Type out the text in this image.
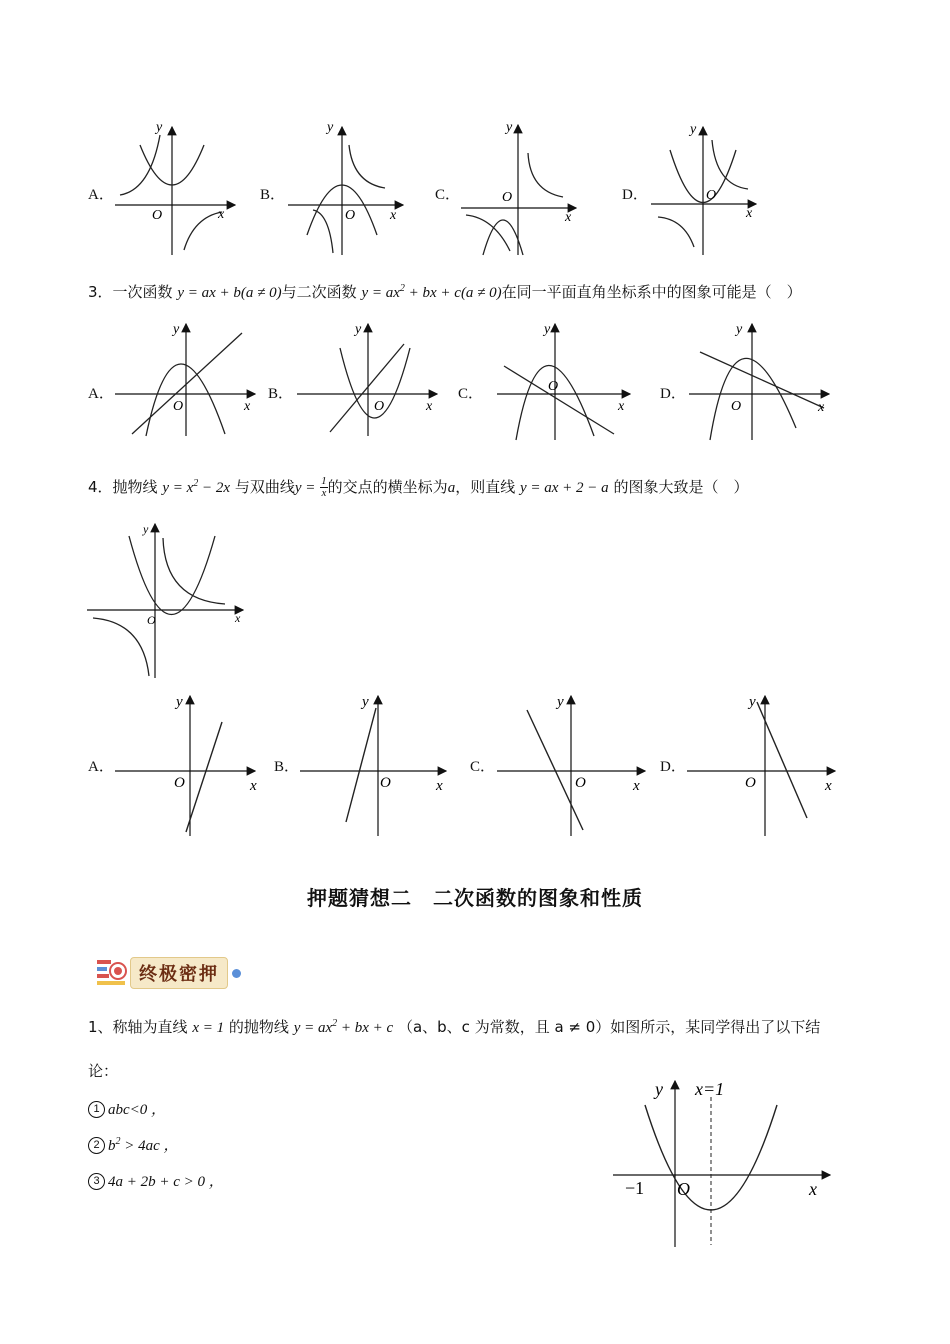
A．	B．	C．	D．
y
x
O
y
x
O
y
x
O
y
x
O
3．一次函数 y = ax + b(a ≠ 0)与二次函数 $y = ax^2$ + bx + c(a ≠ 0)在同一平面直角坐标系中的图象可能是（　）
A．	B．	C．	D．
y
x
O
y
x
O
y
x
O
y
x
O
4．抛物线 $y = x^2 - 2x$ 与双曲线$y = \frac{1}{x}$ 的交点的横坐标为a，则直线 y = ax + 2 − a 的图象大致是（　）
y
x
O
A．	B．	C．	D．
y
x
O
y
x
O
y
x
O
y
x
O
押题猜想二　二次函数的图象和性质
终极密押
1、称轴为直线 x = 1 的抛物线 $y = ax^2$ + bx + c （a、b、c 为常数，且 a ≠ 0）如图所示，某同学得出了以下结
论：
1 abc<0 ，
2 $b^2 > 4ac$ ，
3 4a + 2b + c > 0 ，
y x=1
x
O
−1
